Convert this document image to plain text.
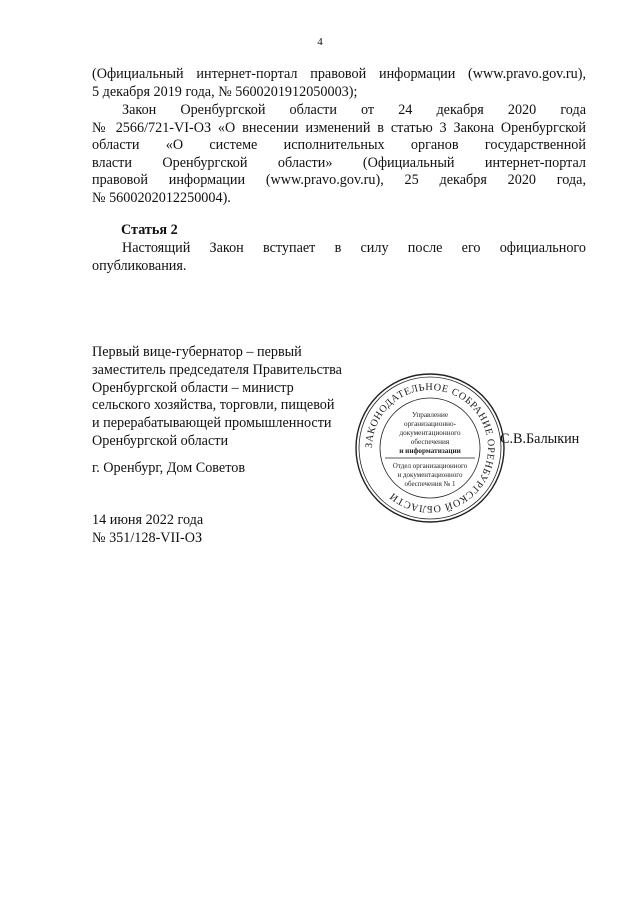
4
(Официальный интернет-портал правовой информации (www.pravo.gov.ru),
5 декабря 2019 года, № 5600201912050003);
Закон Оренбургской области от 24 декабря 2020 года
№ 2566/721-VI-ОЗ «О внесении изменений в статью 3 Закона Оренбургской
области «О системе исполнительных органов государственной
власти Оренбургской области» (Официальный интернет-портал
правовой информации (www.pravo.gov.ru), 25 декабря 2020 года,
№ 5600202012250004).
Статья 2
Настоящий Закон вступает в силу после его официального
опубликования.
Первый вице-губернатор – первый
заместитель председателя Правительства
Оренбургской области – министр
сельского хозяйства, торговли, пищевой
и перерабатывающей промышленности
Оренбургской области	С.В.Балыкин
ЗАКОНОДАТЕЛЬНОЕ СОБРАНИЕ ОРЕНБУРГСКОЙ ОБЛАСТИ
Управление
организационно-
документационного
обеспечения
и информатизации
Отдел организационного
и документационного
обеспечения № 1
г. Оренбург, Дом Советов
14 июня 2022 года
№ 351/128-VII-ОЗ
